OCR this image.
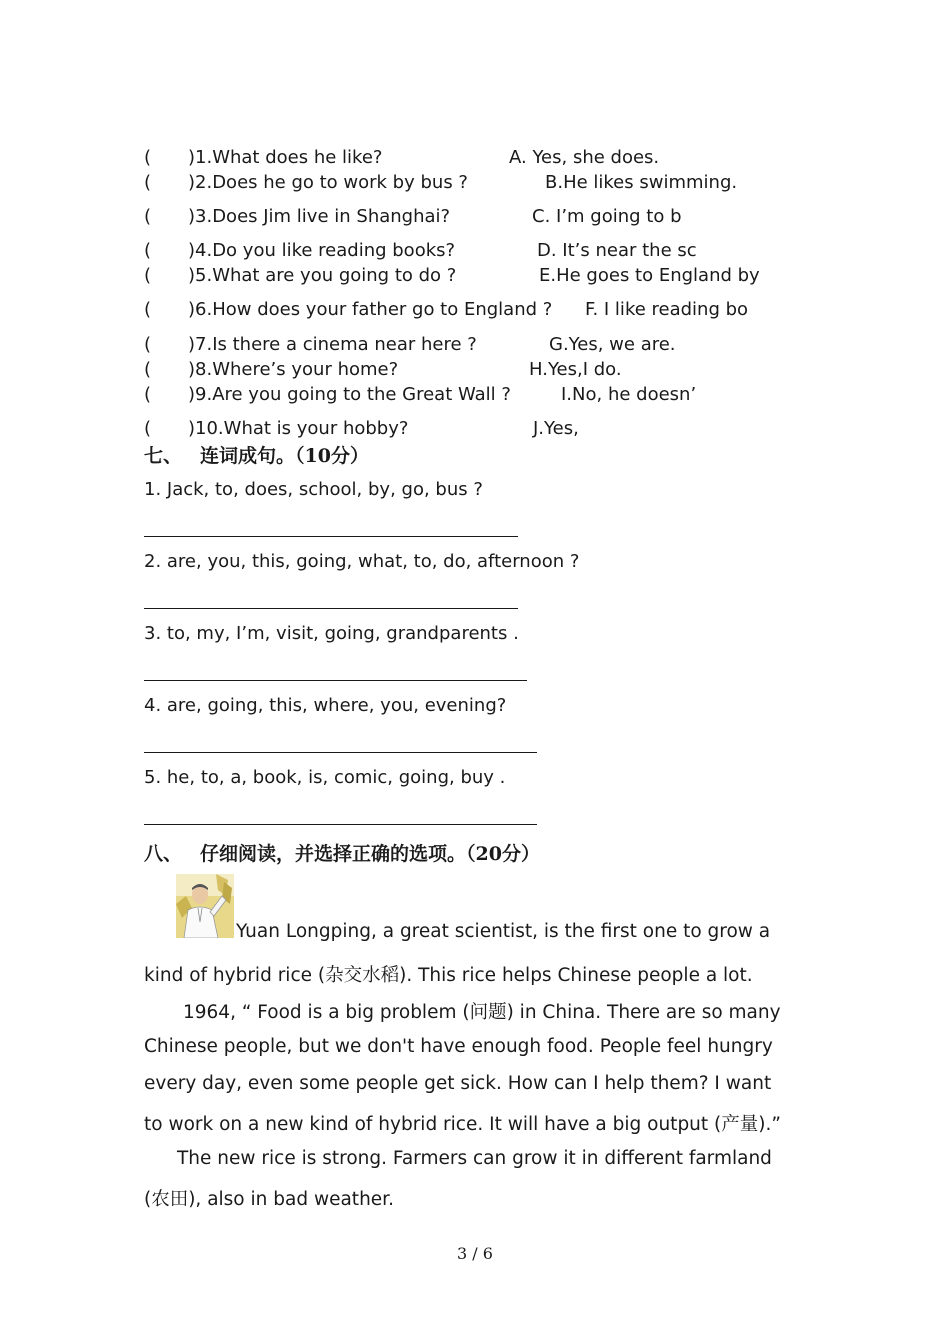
( )1.What does he like?	A. Yes, she does.
( )2.Does he go to work by bus ?	B.He likes swimming.
( )3.Does Jim live in Shanghai?	C. I’m going to b
( )4.Do you like reading books?	D. It’s near the sc
( )5.What are you going to do ?	E.He goes to England by
( )6.How does your father go to England ? F. I like reading bo
( )7.Is there a cinema near here ?	G.Yes, we are.
( )8.Where’s your home?	H.Yes,I do.
( )9.Are you going to the Great Wall ?	I.No, he doesn’
( )10.What is your hobby?	J.Yes,
七、 连词成句。（10分）
1. Jack, to, does, school, by, go, bus ?
2. are, you, this, going, what, to, do, afternoon ?
3. to, my, I’m, visit, going, grandparents .
4. are, going, this, where, you, evening?
5. he, to, a, book, is, comic, going, buy .
八、 仔细阅读，并选择正确的选项。（20分）
Yuan Longping, a great scientist, is the first one to grow a
kind of hybrid rice (杂交水稻). This rice helps Chinese people a lot.
1964, “ Food is a big problem (问题) in China. There are so many
Chinese people, but we don't have enough food. People feel hungry
every day, even some people get sick. How can I help them? I want
to work on a new kind of hybrid rice. It will have a big output (产量).”
The new rice is strong. Farmers can grow it in different farmland
(农田), also in bad weather.
3 / 6
